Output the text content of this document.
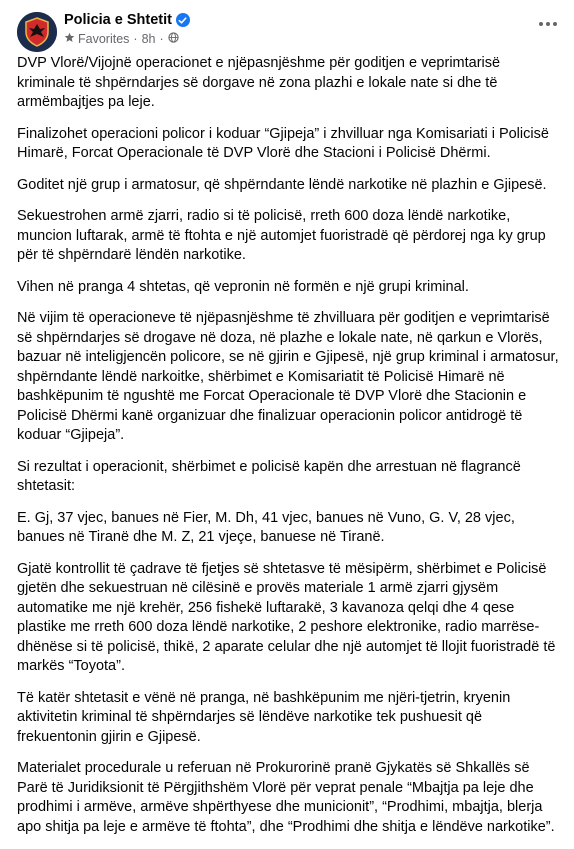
Policia e Shtetit
Favorites · 8h ·

DVP Vlorë/Vijojnë operacionet e njëpasnjëshme për goditjen e veprimtarisë kriminale të shpërndarjes së dorgave në zona plazhi e lokale nate si dhe të armëmbajtjes pa leje.

Finalizohet operacioni policor i koduar “Gjipeja” i zhvilluar nga Komisariati i Policisë Himarë, Forcat Operacionale të DVP Vlorë dhe Stacioni i Policisë Dhërmi.

Goditet një grup i armatosur, që shpërndante lëndë narkotike në plazhin e Gjipesë.

Sekuestrohen armë zjarri, radio si të policisë, rreth 600 doza lëndë narkotike, muncion luftarak, armë të ftohta e një automjet fuoristradë që përdorej nga ky grup për të shpërndarë lëndën narkotike.

Vihen në pranga 4 shtetas, që vepronin në formën e një grupi kriminal.

Në vijim të operacioneve të njëpasnjëshme të zhvilluara për goditjen e veprimtarisë së shpërndarjes së drogave në doza, në plazhe e lokale nate, në qarkun e Vlorës, bazuar në inteligjencën policore, se në gjirin e Gjipesë, një grup kriminal i armatosur, shpërndante lëndë narkoitke, shërbimet e Komisariatit të Policisë Himarë në bashkëpunim të ngushtë me Forcat Operacionale të DVP Vlorë dhe Stacionin e Policisë Dhërmi kanë organizuar dhe finalizuar operacionin policor antidrogë të koduar “Gjipeja”.

Si rezultat i operacionit, shërbimet e policisë kapën dhe arrestuan në flagrancë shtetasit:

E. Gj, 37 vjec, banues në Fier, M. Dh, 41 vjec, banues në Vuno, G. V, 28 vjec, banues në Tiranë dhe M. Z, 21 vjeçe, banuese në Tiranë.

Gjatë kontrollit të çadrave të fjetjes së shtetasve të mësipërm, shërbimet e Policisë gjetën dhe sekuestruan në cilësinë e provës materiale 1 armë zjarri gjysëm automatike me një krehër, 256 fishekë luftarakë, 3 kavanoza qelqi dhe 4 qese plastike me rreth 600 doza lëndë narkotike, 2 peshore elektronike, radio marrëse-dhënëse si të policisë, thikë, 2 aparate celular dhe një automjet të llojit fuoristradë të markës “Toyota”.

Të katër shtetasit e vënë në pranga, në bashkëpunim me njëri-tjetrin, kryenin aktivitetin kriminal të shpërndarjes së lëndëve narkotike tek pushuesit që frekuentonin gjirin e Gjipesë.

Materialet procedurale u referuan në Prokurorinë pranë Gjykatës së Shkallës së Parë të Juridiksionit të Përgjithshëm Vlorë për veprat penale “Mbajtja pa leje dhe prodhimi i armëve, armëve shpërthyese dhe municionit”, “Prodhimi, mbajtja, blerja apo shitja pa leje e armëve të ftohta”, dhe “Prodhimi dhe shitja e lëndëve narkotike”.
